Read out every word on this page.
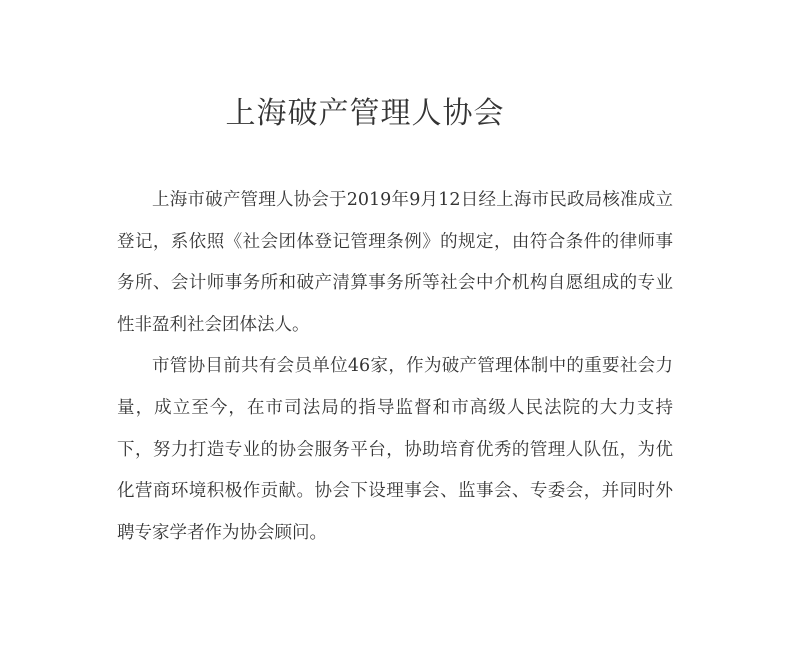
上海破产管理人协会

上海市破产管理人协会于2019年9月12日经上海市民政局核准成立登记，系依照《社会团体登记管理条例》的规定，由符合条件的律师事务所、会计师事务所和破产清算事务所等社会中介机构自愿组成的专业性非盈利社会团体法人。

市管协目前共有会员单位46家，作为破产管理体制中的重要社会力量，成立至今，在市司法局的指导监督和市高级人民法院的大力支持下，努力打造专业的协会服务平台，协助培育优秀的管理人队伍，为优化营商环境积极作贡献。协会下设理事会、监事会、专委会，并同时外聘专家学者作为协会顾问。
